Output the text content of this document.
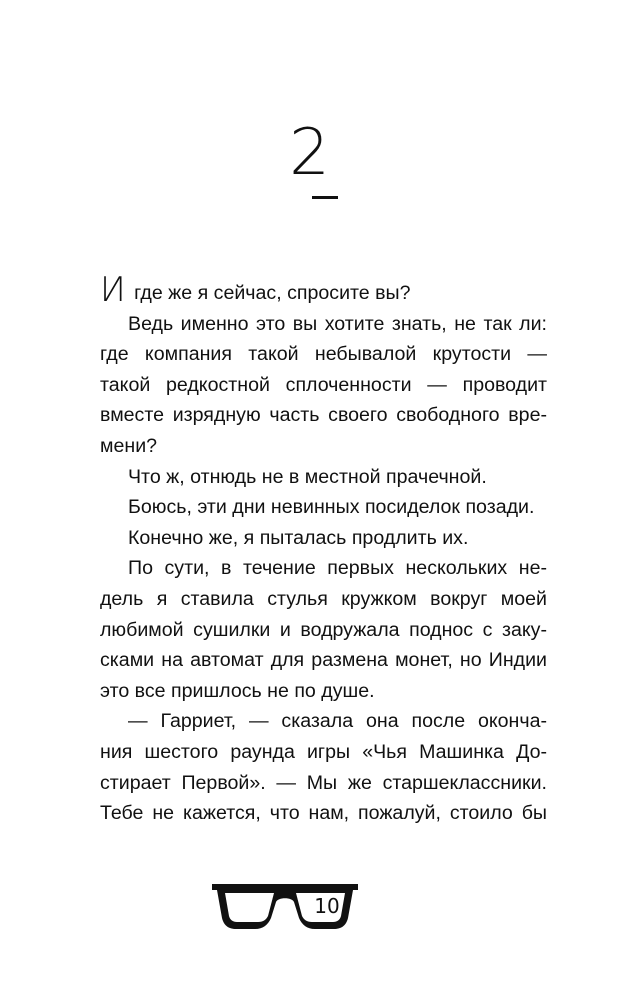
2

И где же я сейчас, спросите вы?

Ведь именно это вы хотите знать, не так ли:
где компания такой небывалой крутости —
такой редкостной сплоченности — проводит
вместе изрядную часть своего свободного вре-
мени?

Что ж, отнюдь не в местной прачечной.

Боюсь, эти дни невинных посиделок позади.

Конечно же, я пыталась продлить их.

По сути, в течение первых нескольких не-
дель я ставила стулья кружком вокруг моей
любимой сушилки и водружала поднос с заку-
сками на автомат для размена монет, но Индии
это все пришлось не по душе.

— Гарриет, — сказала она после оконча-
ния шестого раунда игры «Чья Машинка До-
стирает Первой». — Мы же старшеклассники.
Тебе не кажется, что нам, пожалуй, стоило бы

10
